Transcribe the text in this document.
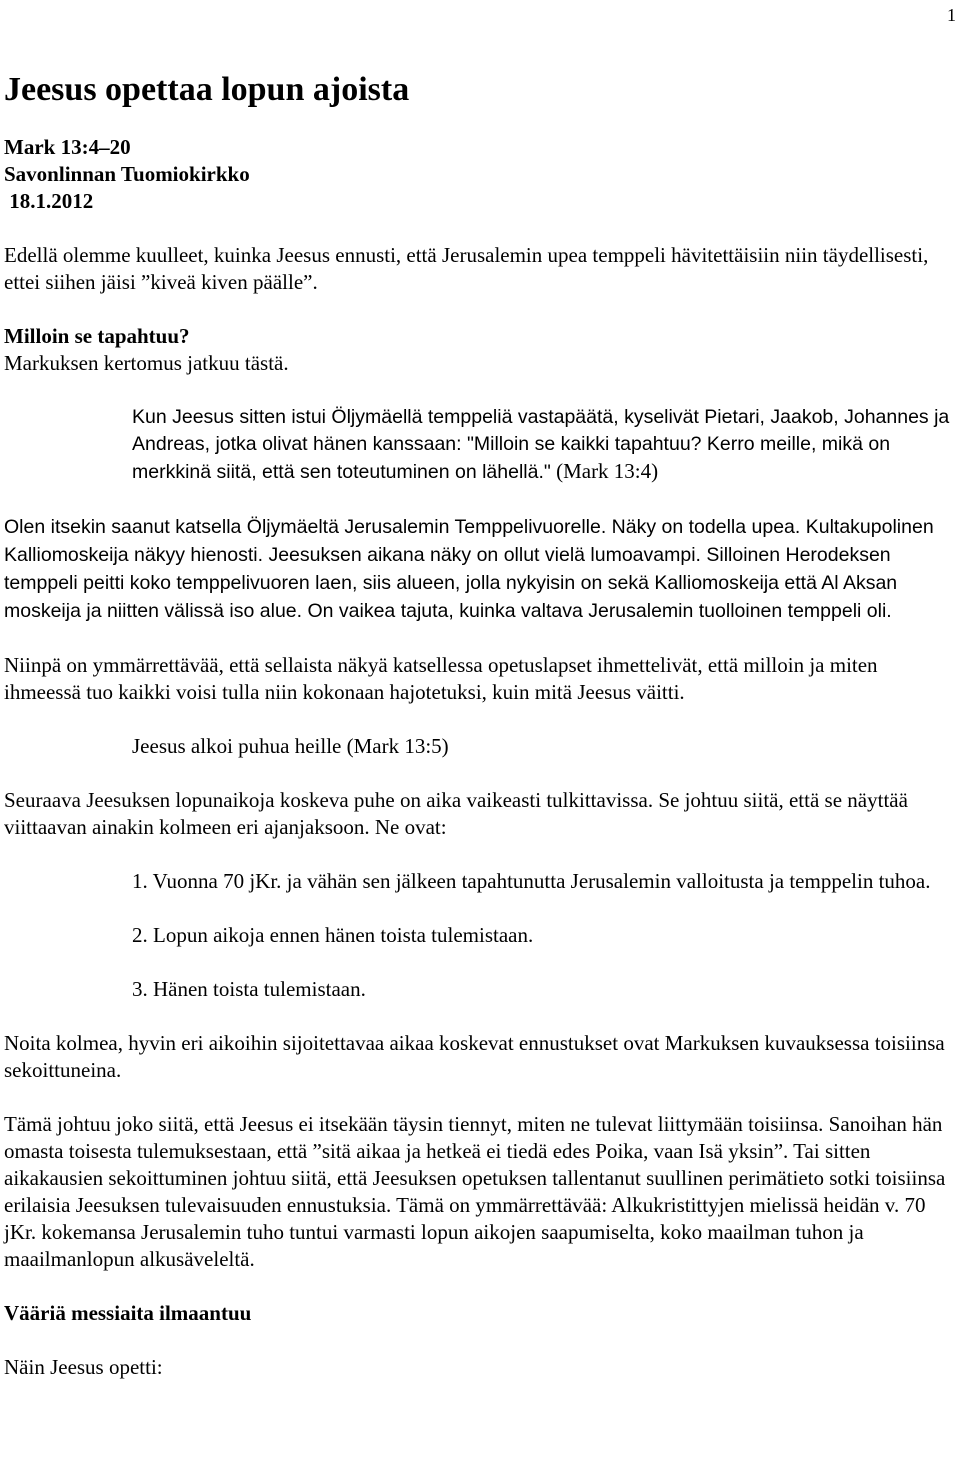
1
Jeesus opettaa lopun ajoista
Mark 13:4–20
Savonlinnan Tuomiokirkko
18.1.2012

Edellä olemme kuulleet, kuinka Jeesus ennusti, että Jerusalemin upea temppeli hävitettäisiin niin täydellisesti, ettei siihen jäisi ”kiveä kiven päälle”.

Milloin se tapahtuu?
Markuksen kertomus jatkuu tästä.

Kun Jeesus sitten istui Öljymäellä temppeliä vastapäätä, kyselivät Pietari, Jaakob, Johannes ja Andreas, jotka olivat hänen kanssaan: "Milloin se kaikki tapahtuu? Kerro meille, mikä on merkkinä siitä, että sen toteutuminen on lähellä." (Mark 13:4)

Olen itsekin saanut katsella Öljymäeltä Jerusalemin Temppelivuorelle. Näky on todella upea. Kultakupolinen Kalliomoskeija näkyy hienosti. Jeesuksen aikana näky on ollut vielä lumoavampi. Silloinen Herodeksen temppeli peitti koko temppelivuoren laen, siis alueen, jolla nykyisin on sekä Kalliomoskeija että Al Aksan moskeija ja niitten välissä iso alue. On vaikea tajuta, kuinka valtava Jerusalemin tuolloinen temppeli oli.

Niinpä on ymmärrettävää, että sellaista näkyä katsellessa opetuslapset ihmettelivät, että milloin ja miten ihmeessä tuo kaikki voisi tulla niin kokonaan hajotetuksi, kuin mitä Jeesus väitti.

Jeesus alkoi puhua heille (Mark 13:5)

Seuraava Jeesuksen lopunaikoja koskeva puhe on aika vaikeasti tulkittavissa. Se johtuu siitä, että se näyttää viittaavan ainakin kolmeen eri ajanjaksoon. Ne ovat:

1. Vuonna 70 jKr. ja vähän sen jälkeen tapahtunutta Jerusalemin valloitusta ja temppelin tuhoa.

2. Lopun aikoja ennen hänen toista tulemistaan.

3. Hänen toista tulemistaan.

Noita kolmea, hyvin eri aikoihin sijoitettavaa aikaa koskevat ennustukset ovat Markuksen kuvauksessa toisiinsa sekoittuneina.

Tämä johtuu joko siitä, että Jeesus ei itsekään täysin tiennyt, miten ne tulevat liittymään toisiinsa. Sanoihan hän omasta toisesta tulemuksestaan, että ”sitä aikaa ja hetkeä ei tiedä edes Poika, vaan Isä yksin”. Tai sitten aikakausien sekoittuminen johtuu siitä, että Jeesuksen opetuksen tallentanut suullinen perimätieto sotki toisiinsa erilaisia Jeesuksen tulevaisuuden ennustuksia. Tämä on ymmärrettävää: Alkukristittyjen mielissä heidän v. 70 jKr. kokemansa Jerusalemin tuho tuntui varmasti lopun aikojen saapumiselta, koko maailman tuhon ja maailmanlopun alkusäveleltä.

Vääriä messiaita ilmaantuu

Näin Jeesus opetti:
